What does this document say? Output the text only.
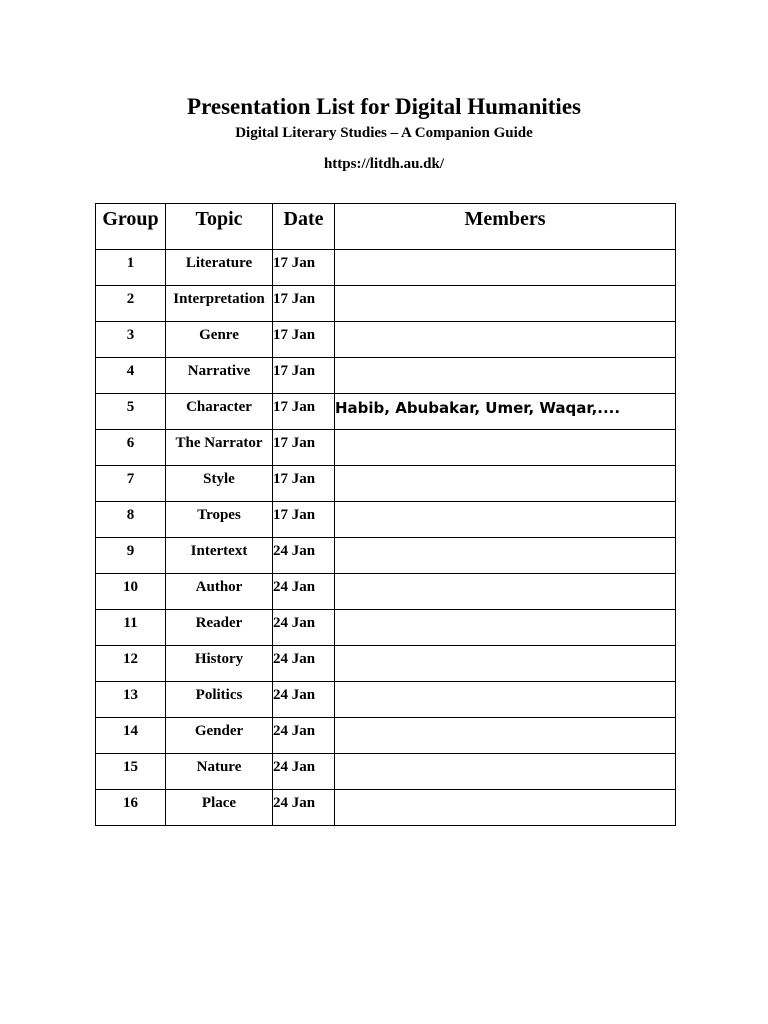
Presentation List for Digital Humanities
Digital Literary Studies – A Companion Guide
https://litdh.au.dk/
Group	Topic	Date	Members
1	Literature	17 Jan	
2	Interpretation	17 Jan	
3	Genre	17 Jan	
4	Narrative	17 Jan	
5	Character	17 Jan	Habib, Abubakar, Umer, Waqar,....
6	The Narrator	17 Jan	
7	Style	17 Jan	
8	Tropes	17 Jan	
9	Intertext	24 Jan	
10	Author	24 Jan	
11	Reader	24 Jan	
12	History	24 Jan	
13	Politics	24 Jan	
14	Gender	24 Jan	
15	Nature	24 Jan	
16	Place	24 Jan	
